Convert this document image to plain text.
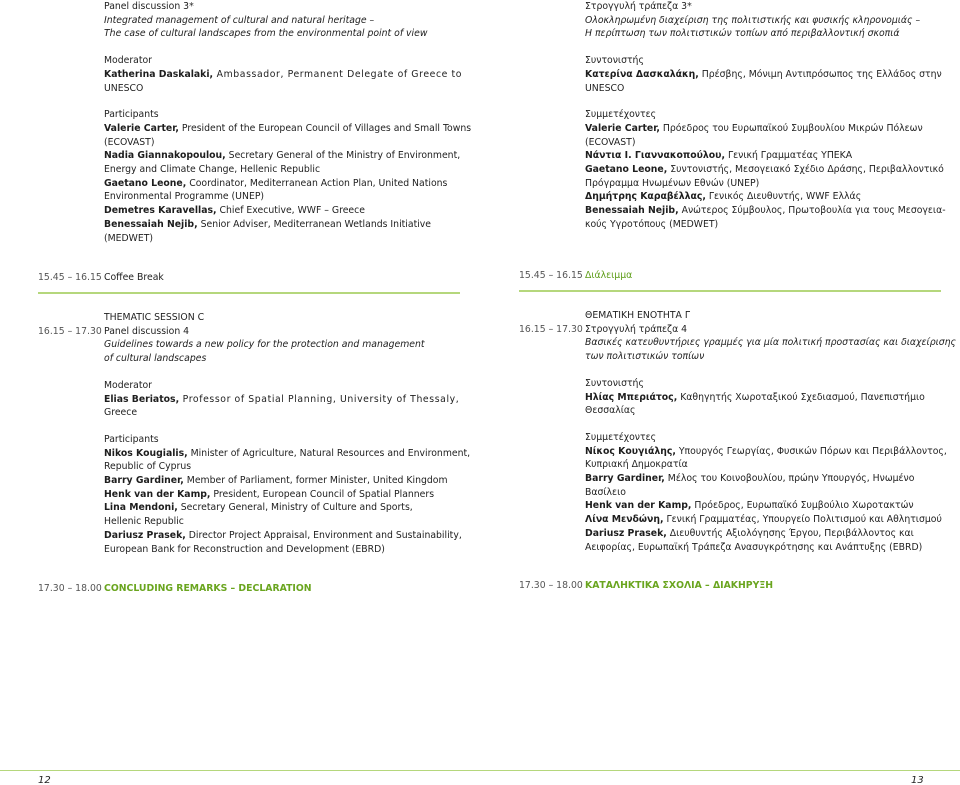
Panel discussion 3*
Integrated management of cultural and natural heritage –
The case of cultural landscapes from the environmental point of view
Moderator
Katherina Daskalaki, Ambassador, Permanent Delegate of Greece to
UNESCO
Participants
Valerie Carter, President of the European Council of Villages and Small Towns
(ECOVAST)
Nadia Giannakopoulou, Secretary General of the Ministry of Environment,
Energy and Climate Change, Hellenic Republic
Gaetano Leone, Coordinator, Mediterranean Action Plan, United Nations
Environmental Programme (UNEP)
Demetres Karavellas, Chief Executive, WWF – Greece
Benessaiah Nejib, Senior Adviser, Mediterranean Wetlands Initiative
(MEDWET)
15.45 – 16.15 Coffee Break
16.15 – 17.30
THEMATIC SESSION C
Panel discussion 4
Guidelines towards a new policy for the protection and management
of cultural landscapes
Moderator
Elias Beriatos, Professor of Spatial Planning, University of Thessaly,
Greece
Participants
Nikos Kougialis, Minister of Agriculture, Natural Resources and Environment,
Republic of Cyprus
Barry Gardiner, Member of Parliament, former Minister, United Kingdom
Henk van der Kamp, President, European Council of Spatial Planners
Lina Mendoni, Secretary General, Ministry of Culture and Sports,
Hellenic Republic
Dariusz Prasek, Director Project Appraisal, Environment and Sustainability,
European Bank for Reconstruction and Development (EBRD)
17.30 – 18.00 CONCLUDING REMARKS – DECLARATION
12
Στρογγυλή τράπεζα 3*
Ολοκληρωμένη διαχείριση της πολιτιστικής και φυσικής κληρονομιάς –
Η περίπτωση των πολιτιστικών τοπίων από περιβαλλοντική σκοπιά
Συντονιστής
Κατερίνα Δασκαλάκη, Πρέσβης, Μόνιμη Αντιπρόσωπος της Ελλάδος στην
UNESCO
Συμμετέχοντες
Valerie Carter, Πρόεδρος του Ευρωπαϊκού Συμβουλίου Μικρών Πόλεων
(ECOVAST)
Νάντια Ι. Γιαννακοπούλου, Γενική Γραμματέας ΥΠΕΚΑ
Gaetano Leone, Συντονιστής, Μεσογειακό Σχέδιο Δράσης, Περιβαλλοντικό
Πρόγραμμα Ηνωμένων Εθνών (UNEP)
Δημήτρης Καραβέλλας, Γενικός Διευθυντής, WWF Ελλάς
Benessaiah Nejib, Ανώτερος Σύμβουλος, Πρωτοβουλία για τους Μεσογεια-
κούς Υγροτόπους (MEDWET)
15.45 – 16.15 Διάλειμμα
16.15 – 17.30
ΘΕΜΑΤΙΚΗ ΕΝΟΤΗΤΑ Γ
Στρογγυλή τράπεζα 4
Βασικές κατευθυντήριες γραμμές για μία πολιτική προστασίας και διαχείρισης
των πολιτιστικών τοπίων
Συντονιστής
Ηλίας Μπεριάτος, Καθηγητής Χωροταξικού Σχεδιασμού, Πανεπιστήμιο
Θεσσαλίας
Συμμετέχοντες
Νίκος Κουγιάλης, Υπουργός Γεωργίας, Φυσικών Πόρων και Περιβάλλοντος,
Κυπριακή Δημοκρατία
Barry Gardiner, Μέλος του Κοινοβουλίου, πρώην Υπουργός, Ηνωμένο
Βασίλειο
Henk van der Kamp, Πρόεδρος, Ευρωπαϊκό Συμβούλιο Χωροτακτών
Λίνα Μενδώνη, Γενική Γραμματέας, Υπουργείο Πολιτισμού και Αθλητισμού
Dariusz Prasek, Διευθυντής Αξιολόγησης Έργου, Περιβάλλοντος και
Αειφορίας, Ευρωπαϊκή Τράπεζα Ανασυγκρότησης και Ανάπτυξης (EBRD)
17.30 – 18.00 ΚΑΤΑΛΗΚΤΙΚΑ ΣΧΟΛΙΑ – ΔΙΑΚΗΡΥΞΗ
13
